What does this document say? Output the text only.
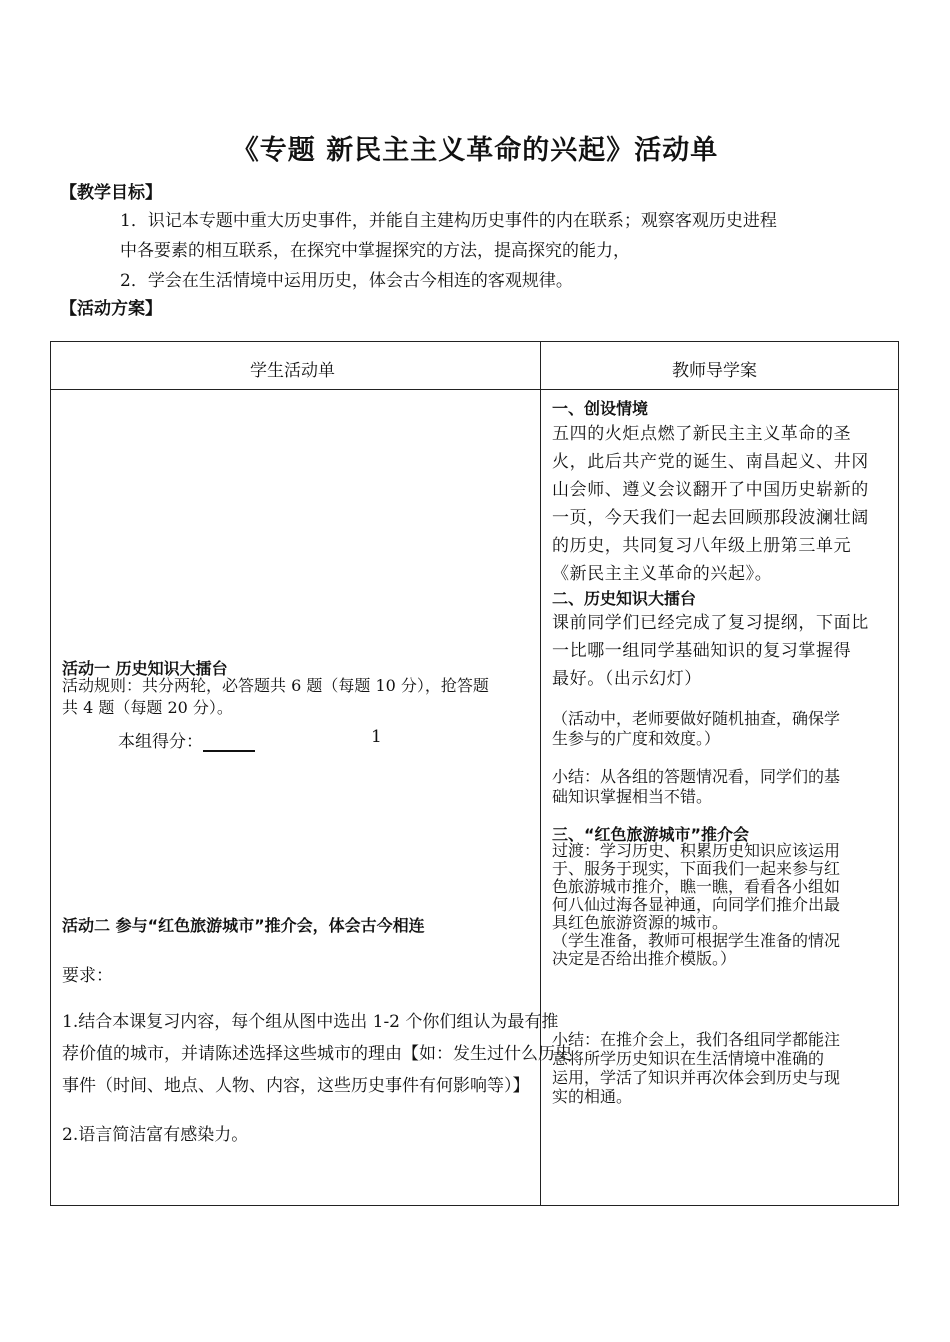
《专题 新民主主义革命的兴起》活动单
【教学目标】
1．识记本专题中重大历史事件，并能自主建构历史事件的内在联系；观察客观历史进程
中各要素的相互联系，在探究中掌握探究的方法，提高探究的能力，
2．学会在生活情境中运用历史，体会古今相连的客观规律。
【活动方案】
学生活动单	教师导学案
活动一 历史知识大擂台
活动规则：共分两轮，必答题共 6 题（每题 10 分），抢答题
共 4 题（每题 20 分）。
本组得分：	1
活动二 参与“红色旅游城市”推介会，体会古今相连
要求：
1.结合本课复习内容，每个组从图中选出 1-2 个你们组认为最有推
荐价值的城市，并请陈述选择这些城市的理由【如：发生过什么历史
事件（时间、地点、人物、内容，这些历史事件有何影响等）】
2.语言简洁富有感染力。
一、创设情境
五四的火炬点燃了新民主主义革命的圣
火，此后共产党的诞生、南昌起义、井冈
山会师、遵义会议翻开了中国历史崭新的
一页，今天我们一起去回顾那段波澜壮阔
的历史，共同复习八年级上册第三单元
《新民主主义革命的兴起》。
二、历史知识大擂台
课前同学们已经完成了复习提纲，下面比
一比哪一组同学基础知识的复习掌握得
最好。（出示幻灯）
（活动中，老师要做好随机抽查，确保学
生参与的广度和效度。）
小结：从各组的答题情况看，同学们的基
础知识掌握相当不错。
三、“红色旅游城市”推介会
过渡：学习历史、积累历史知识应该运用
于、服务于现实，下面我们一起来参与红
色旅游城市推介，瞧一瞧，看看各小组如
何八仙过海各显神通，向同学们推介出最
具红色旅游资源的城市。
（学生准备，教师可根据学生准备的情况
决定是否给出推介模版。）
小结：在推介会上，我们各组同学都能注
意将所学历史知识在生活情境中准确的
运用，学活了知识并再次体会到历史与现
实的相通。
